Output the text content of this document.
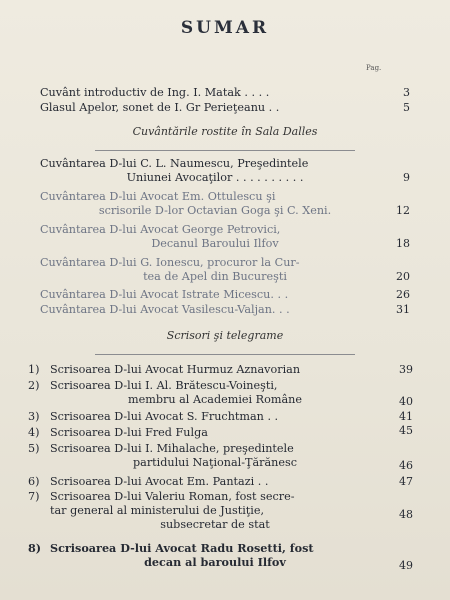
SUMAR
Pag.
Cuvânt introductiv de Ing. I. Matak . . . .	3
Glasul Apelor, sonet de I. Gr Perieţeanu . .	5
Cuvântările rostite în Sala Dalles
Cuvântarea D-lui C. L. Naumescu, Preşedintele
Uniunei Avocaţilor . . . . . . . . . .	9
Cuvântarea D-lui Avocat Em. Ottulescu şi
scrisorile D-lor Octavian Goga şi C. Xeni.	12
Cuvântarea D-lui Avocat George Petrovici,
Decanul Baroului Ilfov	18
Cuvântarea D-lui G. Ionescu, procuror la Cur-
tea de Apel din Bucureşti	20
Cuvântarea D-lui Avocat Istrate Micescu. . .	26
Cuvântarea D-lui Avocat Vasilescu-Valjan. . .	31
Scrisori şi telegrame
1) Scrisoarea D-lui Avocat Hurmuz Aznavorian	39
2) Scrisoarea D-lui I. Al. Brătescu-Voineşti,
membru al Academiei Române	40
3) Scrisoarea D-lui Avocat S. Fruchtman . .	41
4) Scrisoarea D-lui Fred Fulga	45
5) Scrisoarea D-lui I. Mihalache, preşedintele
partidului Naţional-Ţărănesc	46
6) Scrisoarea D-lui Avocat Em. Pantazi . .	47
7) Scrisoarea D-lui Valeriu Roman, fost secre-
tar general al ministerului de Justiţie,
subsecretar de stat
48
8) Scrisoarea D-lui Avocat Radu Rosetti, fost
decan al baroului Ilfov	49
